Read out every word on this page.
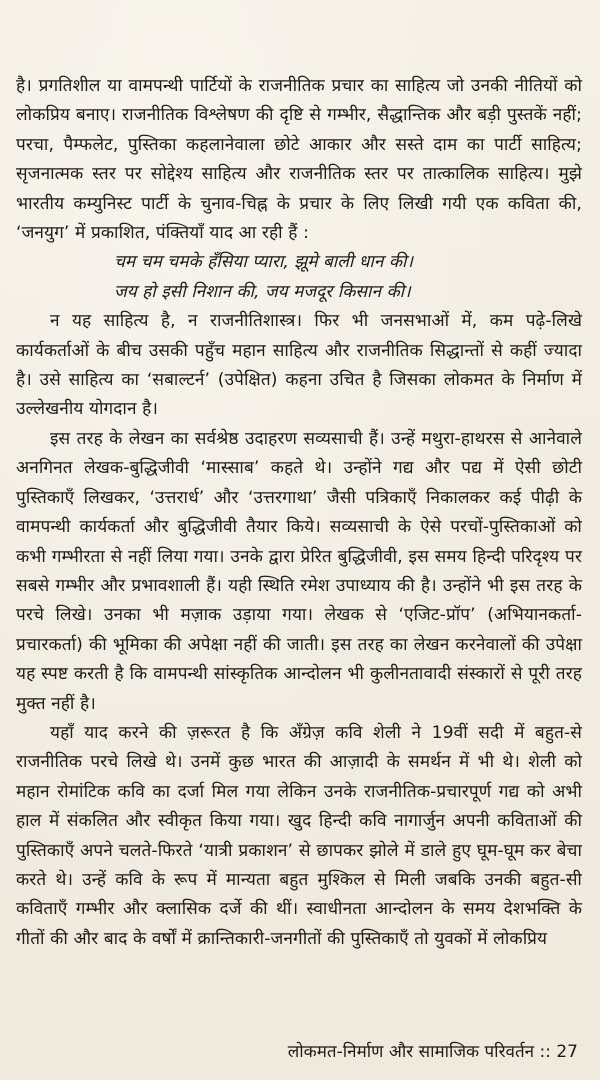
है। प्रगतिशील या वामपन्थी पार्टियों के राजनीतिक प्रचार का साहित्य जो उनकी नीतियों को लोकप्रिय बनाए। राजनीतिक विश्लेषण की दृष्टि से गम्भीर, सैद्धान्तिक और बड़ी पुस्तकें नहीं; परचा, पैम्फलेट, पुस्तिका कहलानेवाला छोटे आकार और सस्ते दाम का पार्टी साहित्य; सृजनात्मक स्तर पर सोद्देश्य साहित्य और राजनीतिक स्तर पर तात्कालिक साहित्य। मुझे भारतीय कम्युनिस्ट पार्टी के चुनाव-चिह्न के प्रचार के लिए लिखी गयी एक कविता की, ‘जनयुग’ में प्रकाशित, पंक्तियाँ याद आ रही हैं :

चम चम चमके हँसिया प्यारा, झूमे बाली धान की।
जय हो इसी निशान की, जय मजदूर किसान की।

न यह साहित्य है, न राजनीतिशास्त्र। फिर भी जनसभाओं में, कम पढ़े-लिखे कार्यकर्ताओं के बीच उसकी पहुँच महान साहित्य और राजनीतिक सिद्धान्तों से कहीं ज्यादा है। उसे साहित्य का ‘सबाल्टर्न’ (उपेक्षित) कहना उचित है जिसका लोकमत के निर्माण में उल्लेखनीय योगदान है।

इस तरह के लेखन का सर्वश्रेष्ठ उदाहरण सव्यसाची हैं। उन्हें मथुरा-हाथरस से आनेवाले अनगिनत लेखक-बुद्धिजीवी ‘मास्साब’ कहते थे। उन्होंने गद्य और पद्य में ऐसी छोटी पुस्तिकाएँ लिखकर, ‘उत्तरार्ध’ और ‘उत्तरगाथा’ जैसी पत्रिकाएँ निकालकर कई पीढ़ी के वामपन्थी कार्यकर्ता और बुद्धिजीवी तैयार किये। सव्यसाची के ऐसे परचों-पुस्तिकाओं को कभी गम्भीरता से नहीं लिया गया। उनके द्वारा प्रेरित बुद्धिजीवी, इस समय हिन्दी परिदृश्य पर सबसे गम्भीर और प्रभावशाली हैं। यही स्थिति रमेश उपाध्याय की है। उन्होंने भी इस तरह के परचे लिखे। उनका भी मज़ाक उड़ाया गया। लेखक से ‘एजिट-प्रॉप’ (अभियानकर्ता-प्रचारकर्ता) की भूमिका की अपेक्षा नहीं की जाती। इस तरह का लेखन करनेवालों की उपेक्षा यह स्पष्ट करती है कि वामपन्थी सांस्कृतिक आन्दोलन भी कुलीनतावादी संस्कारों से पूरी तरह मुक्त नहीं है।

यहाँ याद करने की ज़रूरत है कि अँग्रेज़ कवि शेली ने 19वीं सदी में बहुत-से राजनीतिक परचे लिखे थे। उनमें कुछ भारत की आज़ादी के समर्थन में भी थे। शेली को महान रोमांटिक कवि का दर्जा मिल गया लेकिन उनके राजनीतिक-प्रचारपूर्ण गद्य को अभी हाल में संकलित और स्वीकृत किया गया। खुद हिन्दी कवि नागार्जुन अपनी कविताओं की पुस्तिकाएँ अपने चलते-फिरते ‘यात्री प्रकाशन’ से छापकर झोले में डाले हुए घूम-घूम कर बेचा करते थे। उन्हें कवि के रूप में मान्यता बहुत मुश्किल से मिली जबकि उनकी बहुत-सी कविताएँ गम्भीर और क्लासिक दर्जे की थीं। स्वाधीनता आन्दोलन के समय देशभक्ति के गीतों की और बाद के वर्षों में क्रान्तिकारी-जनगीतों की पुस्तिकाएँ तो युवकों में लोकप्रिय

लोकमत-निर्माण और सामाजिक परिवर्तन :: 27
